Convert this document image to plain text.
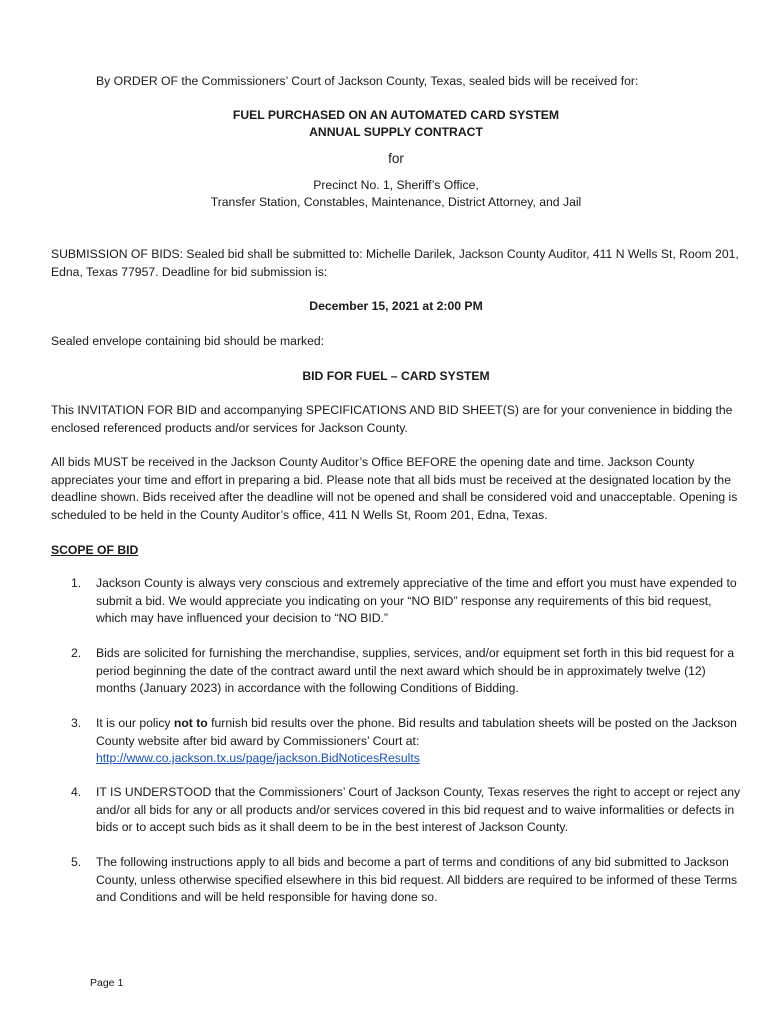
By ORDER OF the Commissioners’ Court of Jackson County, Texas, sealed bids will be received for:
FUEL PURCHASED ON AN AUTOMATED CARD SYSTEM
ANNUAL SUPPLY CONTRACT
for
Precinct No. 1, Sheriff’s Office,
Transfer Station, Constables, Maintenance, District Attorney, and Jail
SUBMISSION OF BIDS: Sealed bid shall be submitted to: Michelle Darilek, Jackson County Auditor, 411 N Wells St, Room 201, Edna, Texas 77957. Deadline for bid submission is:
December 15, 2021 at 2:00 PM
Sealed envelope containing bid should be marked:
BID FOR FUEL – CARD SYSTEM
This INVITATION FOR BID and accompanying SPECIFICATIONS AND BID SHEET(S) are for your convenience in bidding the enclosed referenced products and/or services for Jackson County.
All bids MUST be received in the Jackson County Auditor’s Office BEFORE the opening date and time. Jackson County appreciates your time and effort in preparing a bid. Please note that all bids must be received at the designated location by the deadline shown. Bids received after the deadline will not be opened and shall be considered void and unacceptable. Opening is scheduled to be held in the County Auditor’s office, 411 N Wells St, Room 201, Edna, Texas.
SCOPE OF BID
1. Jackson County is always very conscious and extremely appreciative of the time and effort you must have expended to submit a bid. We would appreciate you indicating on your “NO BID” response any requirements of this bid request, which may have influenced your decision to “NO BID.”
2. Bids are solicited for furnishing the merchandise, supplies, services, and/or equipment set forth in this bid request for a period beginning the date of the contract award until the next award which should be in approximately twelve (12) months (January 2023) in accordance with the following Conditions of Bidding.
3. It is our policy not to furnish bid results over the phone. Bid results and tabulation sheets will be posted on the Jackson County website after bid award by Commissioners’ Court at:
http://www.co.jackson.tx.us/page/jackson.BidNoticesResults
4. IT IS UNDERSTOOD that the Commissioners’ Court of Jackson County, Texas reserves the right to accept or reject any and/or all bids for any or all products and/or services covered in this bid request and to waive informalities or defects in bids or to accept such bids as it shall deem to be in the best interest of Jackson County.
5. The following instructions apply to all bids and become a part of terms and conditions of any bid submitted to Jackson County, unless otherwise specified elsewhere in this bid request. All bidders are required to be informed of these Terms and Conditions and will be held responsible for having done so.
Page 1
